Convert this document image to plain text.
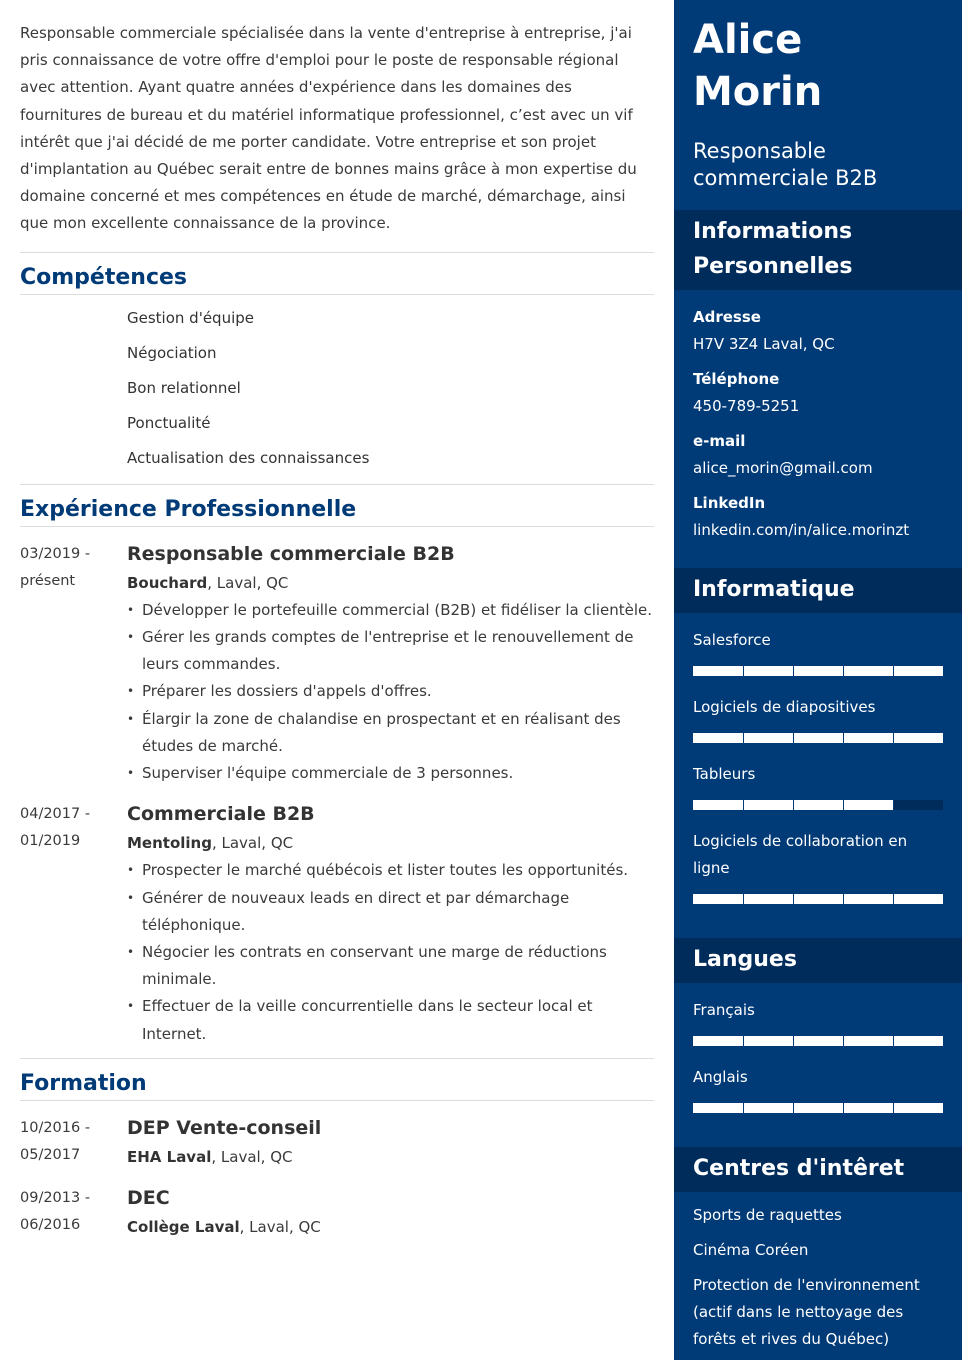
Responsable commerciale spécialisée dans la vente d'entreprise à entreprise, j'ai pris connaissance de votre offre d'emploi pour le poste de responsable régional avec attention. Ayant quatre années d'expérience dans les domaines des fournitures de bureau et du matériel informatique professionnel, c’est avec un vif intérêt que j'ai décidé de me porter candidate. Votre entreprise et son projet d'implantation au Québec serait entre de bonnes mains grâce à mon expertise du domaine concerné et mes compétences en étude de marché, démarchage, ainsi que mon excellente connaissance de la province.

Compétences
Gestion d'équipe
Négociation
Bon relationnel
Ponctualité
Actualisation des connaissances
Expérience Professionnelle
03/2019 -
présent
Responsable commerciale B2B
Bouchard, Laval, QC
• Développer le portefeuille commercial (B2B) et fidéliser la clientèle.
• Gérer les grands comptes de l'entreprise et le renouvellement de leurs commandes.
• Préparer les dossiers d'appels d'offres.
• Élargir la zone de chalandise en prospectant et en réalisant des études de marché.
• Superviser l'équipe commerciale de 3 personnes.
04/2017 -
01/2019
Commerciale B2B
Mentoling, Laval, QC
• Prospecter le marché québécois et lister toutes les opportunités.
• Générer de nouveaux leads en direct et par démarchage téléphonique.
• Négocier les contrats en conservant une marge de réductions minimale.
• Effectuer de la veille concurrentielle dans le secteur local et Internet.
Formation
10/2016 -
05/2017
DEP Vente-conseil
EHA Laval, Laval, QC
09/2013 -
06/2016
DEC
Collège Laval, Laval, QC
Alice Morin
Responsable commerciale B2B
Informations Personnelles
Adresse
H7V 3Z4 Laval, QC
Téléphone
450-789-5251
e-mail
alice_morin@gmail.com
LinkedIn
linkedin.com/in/alice.morinzt
Informatique
Salesforce
Logiciels de diapositives
Tableurs
Logiciels de collaboration en ligne
Langues
Français
Anglais
Centres d'intêret
Sports de raquettes
Cinéma Coréen
Protection de l'environnement (actif dans le nettoyage des forêts et rives du Québec)
